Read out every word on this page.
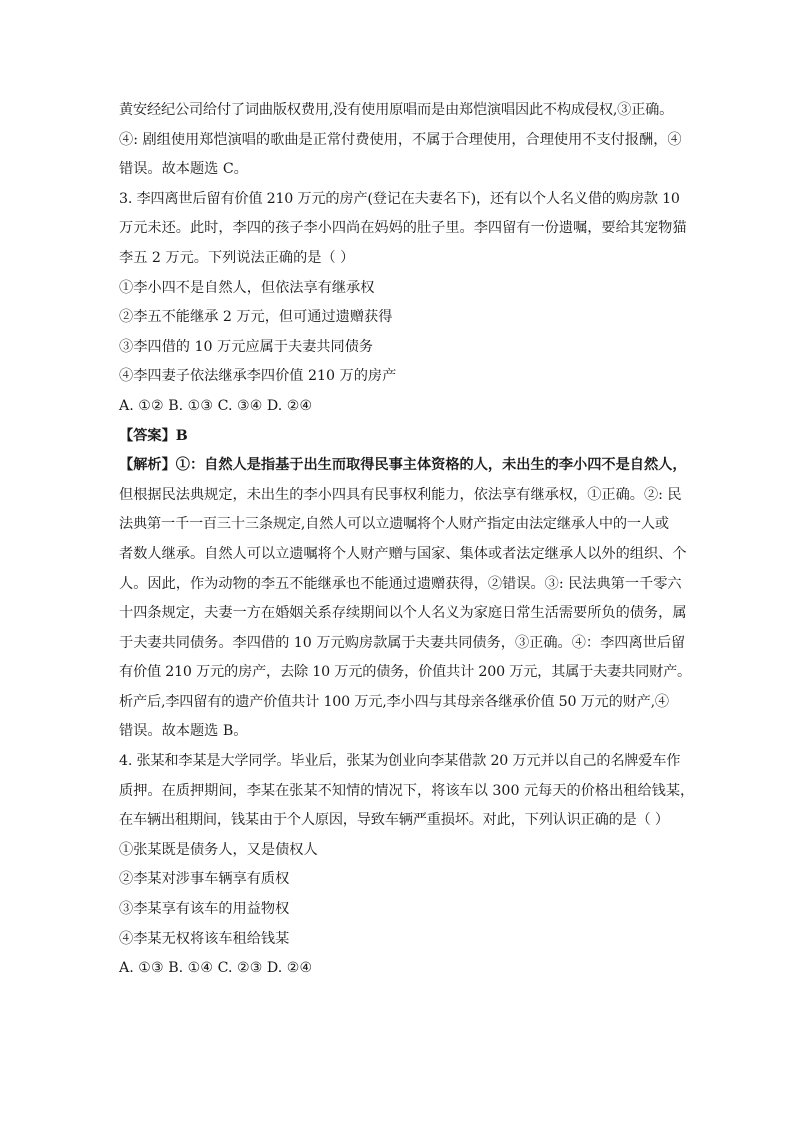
黄安经纪公司给付了词曲版权费用,没有使用原唱而是由郑恺演唱因此不构成侵权,③正确。
④: 剧组使用郑恺演唱的歌曲是正常付费使用，不属于合理使用，合理使用不支付报酬，④
错误。故本题选 C。
3. 李四离世后留有价值 210 万元的房产(登记在夫妻名下)，还有以个人名义借的购房款 10
万元未还。此时，李四的孩子李小四尚在妈妈的肚子里。李四留有一份遗嘱，要给其宠物猫
李五 2 万元。下列说法正确的是（ ）
①李小四不是自然人，但依法享有继承权
②李五不能继承 2 万元，但可通过遗赠获得
③李四借的 10 万元应属于夫妻共同债务
④李四妻子依法继承李四价值 210 万的房产
A. ①② B. ①③ C. ③④ D. ②④
【答案】B
【解析】①：自然人是指基于出生而取得民事主体资格的人，未出生的李小四不是自然人，
但根据民法典规定，未出生的李小四具有民事权利能力，依法享有继承权，①正确。②: 民
法典第一千一百三十三条规定,自然人可以立遗嘱将个人财产指定由法定继承人中的一人或
者数人继承。自然人可以立遗嘱将个人财产赠与国家、集体或者法定继承人以外的组织、个
人。因此，作为动物的李五不能继承也不能通过遗赠获得，②错误。③: 民法典第一千零六
十四条规定，夫妻一方在婚姻关系存续期间以个人名义为家庭日常生活需要所负的债务，属
于夫妻共同债务。李四借的 10 万元购房款属于夫妻共同债务，③正确。④：李四离世后留
有价值 210 万元的房产，去除 10 万元的债务，价值共计 200 万元，其属于夫妻共同财产。
析产后,李四留有的遗产价值共计 100 万元,李小四与其母亲各继承价值 50 万元的财产,④
错误。故本题选 B。
4. 张某和李某是大学同学。毕业后，张某为创业向李某借款 20 万元并以自己的名牌爱车作
质押。在质押期间，李某在张某不知情的情况下，将该车以 300 元每天的价格出租给钱某，
在车辆出租期间，钱某由于个人原因，导致车辆严重损坏。对此，下列认识正确的是（ ）
①张某既是债务人，又是债权人
②李某对涉事车辆享有质权
③李某享有该车的用益物权
④李某无权将该车租给钱某
A. ①③ B. ①④ C. ②③ D. ②④
